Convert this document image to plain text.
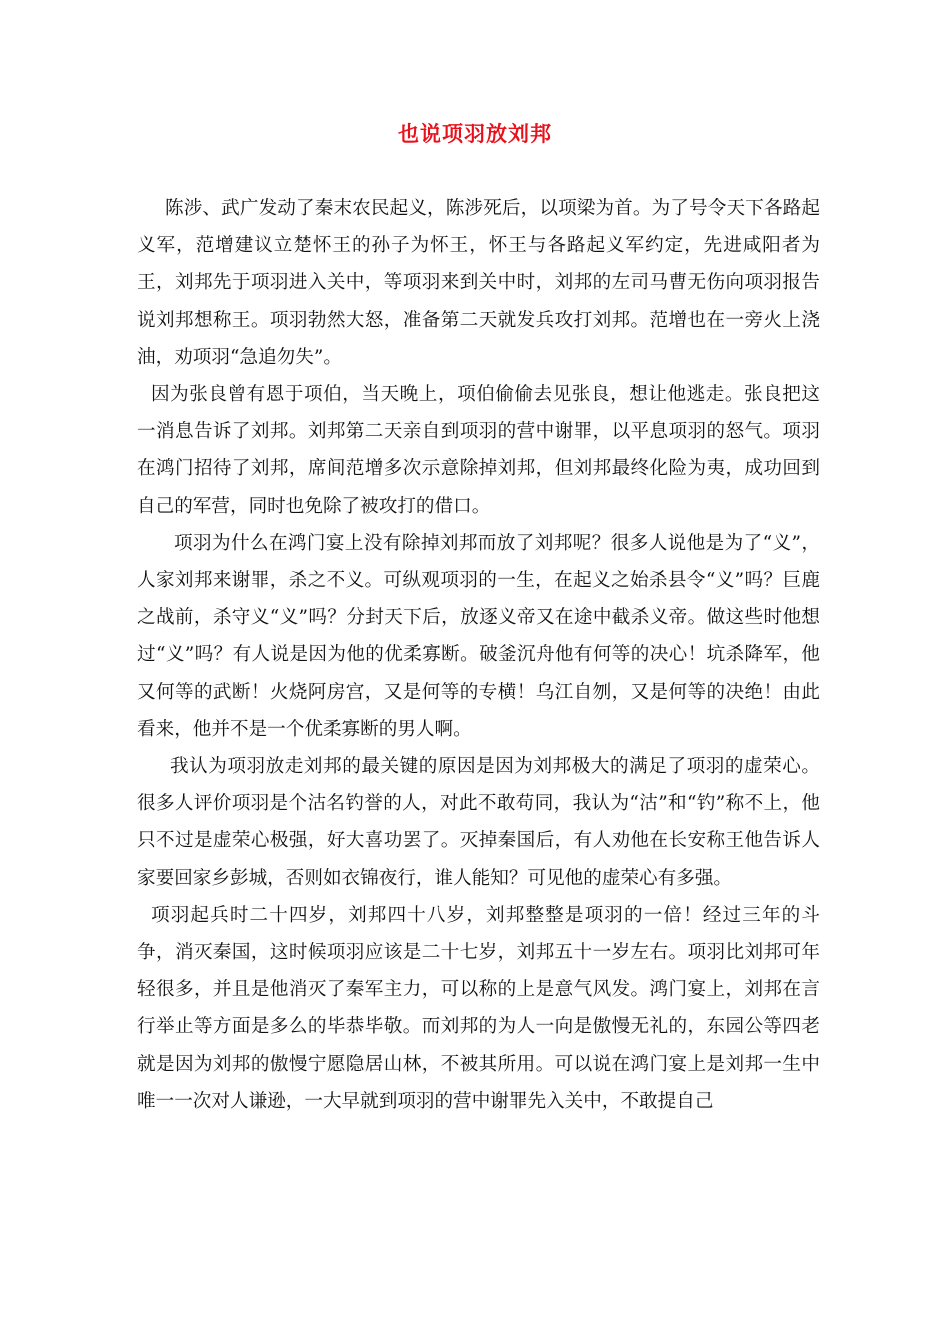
也说项羽放刘邦

陈涉、武广发动了秦末农民起义，陈涉死后，以项梁为首。为了号令天下各路起义军，范增建议立楚怀王的孙子为怀王，怀王与各路起义军约定，先进咸阳者为王，刘邦先于项羽进入关中，等项羽来到关中时，刘邦的左司马曹无伤向项羽报告说刘邦想称王。项羽勃然大怒，准备第二天就发兵攻打刘邦。范增也在一旁火上浇油，劝项羽“急追勿失”。

因为张良曾有恩于项伯，当天晚上，项伯偷偷去见张良，想让他逃走。张良把这一消息告诉了刘邦。刘邦第二天亲自到项羽的营中谢罪，以平息项羽的怒气。项羽在鸿门招待了刘邦，席间范增多次示意除掉刘邦，但刘邦最终化险为夷，成功回到自己的军营，同时也免除了被攻打的借口。

项羽为什么在鸿门宴上没有除掉刘邦而放了刘邦呢？很多人说他是为了“义”，人家刘邦来谢罪，杀之不义。可纵观项羽的一生，在起义之始杀县令“义”吗？巨鹿之战前，杀守义“义”吗？分封天下后，放逐义帝又在途中截杀义帝。做这些时他想过“义”吗？有人说是因为他的优柔寡断。破釜沉舟他有何等的决心！坑杀降军，他又何等的武断！火烧阿房宫，又是何等的专横！乌江自刎，又是何等的决绝！由此看来，他并不是一个优柔寡断的男人啊。

我认为项羽放走刘邦的最关键的原因是因为刘邦极大的满足了项羽的虚荣心。很多人评价项羽是个沽名钓誉的人，对此不敢苟同，我认为“沽”和“钓”称不上，他只不过是虚荣心极强，好大喜功罢了。灭掉秦国后，有人劝他在长安称王他告诉人家要回家乡彭城，否则如衣锦夜行，谁人能知？可见他的虚荣心有多强。

项羽起兵时二十四岁，刘邦四十八岁，刘邦整整是项羽的一倍！经过三年的斗争，消灭秦国，这时候项羽应该是二十七岁，刘邦五十一岁左右。项羽比刘邦可年轻很多，并且是他消灭了秦军主力，可以称的上是意气风发。鸿门宴上，刘邦在言行举止等方面是多么的毕恭毕敬。而刘邦的为人一向是傲慢无礼的，东园公等四老就是因为刘邦的傲慢宁愿隐居山林，不被其所用。可以说在鸿门宴上是刘邦一生中唯一一次对人谦逊，一大早就到项羽的营中谢罪先入关中，不敢提自己
